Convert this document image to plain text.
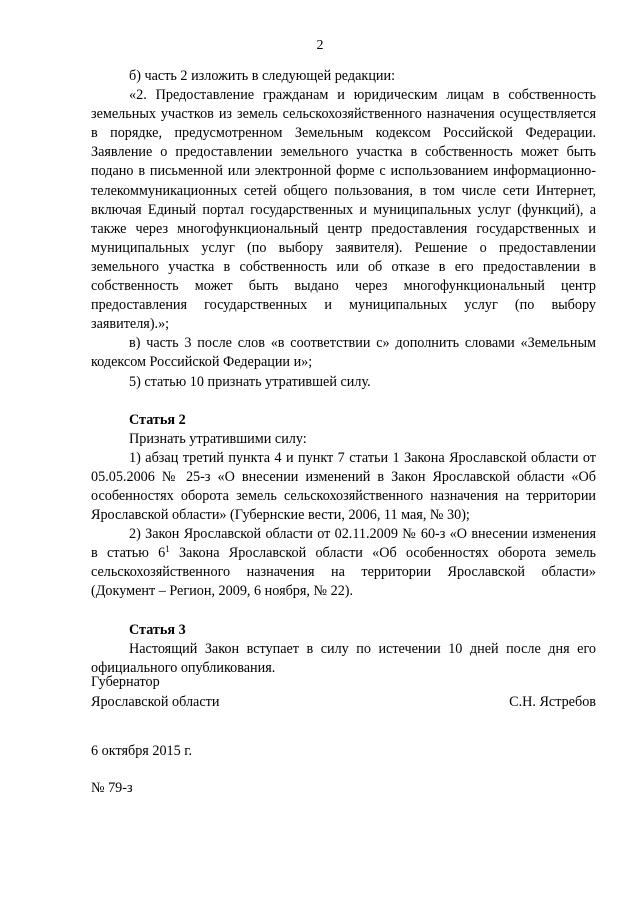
2

б) часть 2 изложить в следующей редакции:

«2. Предоставление гражданам и юридическим лицам в собственность земельных участков из земель сельскохозяйственного назначения осуществляется в порядке, предусмотренном Земельным кодексом Российской Федерации. Заявление о предоставлении земельного участка в собственность может быть подано в письменной или электронной форме с использованием информационно-телекоммуникационных сетей общего пользования, в том числе сети Интернет, включая Единый портал государственных и муниципальных услуг (функций), а также через многофункциональный центр предоставления государственных и муниципальных услуг (по выбору заявителя). Решение о предоставлении земельного участка в собственность или об отказе в его предоставлении в собственность может быть выдано через многофункциональный центр предоставления государственных и муниципальных услуг (по выбору заявителя).»;

в) часть 3 после слов «в соответствии с» дополнить словами «Земельным кодексом Российской Федерации и»;

5) статью 10 признать утратившей силу.

Статья 2

Признать утратившими силу:

1) абзац третий пункта 4 и пункт 7 статьи 1 Закона Ярославской области от 05.05.2006 № 25-з «О внесении изменений в Закон Ярославской области «Об особенностях оборота земель сельскохозяйственного назначения на территории Ярославской области» (Губернские вести, 2006, 11 мая, № 30);

2) Закон Ярославской области от 02.11.2009 № 60-з «О внесении изменения в статью $6^1$ Закона Ярославской области «Об особенностях оборота земель сельскохозяйственного назначения на территории Ярославской области» (Документ – Регион, 2009, 6 ноября, № 22).

Статья 3

Настоящий Закон вступает в силу по истечении 10 дней после дня его официального опубликования.

Губернатор
Ярославской области	С.Н. Ястребов
6 октября 2015 г.
№ 79-з
